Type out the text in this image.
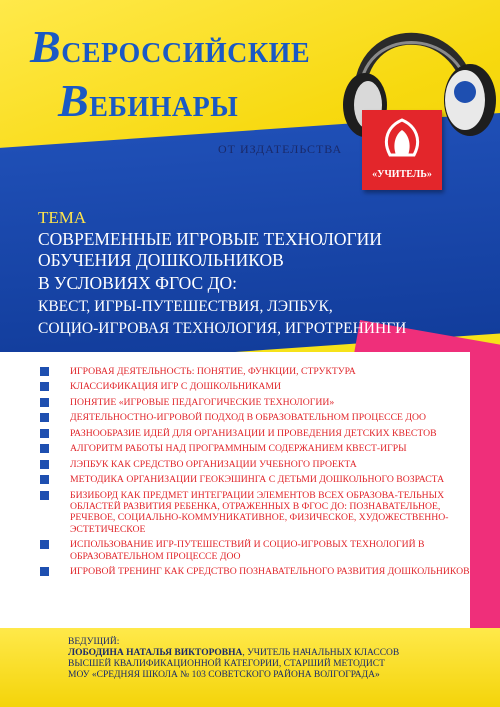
ВСЕРОССИЙСКИЕ
ВЕБИНАРЫ
ОТ ИЗДАТЕЛЬСТВА
«УЧИТЕЛЬ»
ТЕМА
СОВРЕМЕННЫЕ ИГРОВЫЕ ТЕХНОЛОГИИ
ОБУЧЕНИЯ ДОШКОЛЬНИКОВ
В УСЛОВИЯХ ФГОС ДО:
КВЕСТ, ИГРЫ-ПУТЕШЕСТВИЯ, ЛЭПБУК,
СОЦИО-ИГРОВАЯ ТЕХНОЛОГИЯ, ИГРОТРЕНИНГИ
ИГРОВАЯ ДЕЯТЕЛЬНОСТЬ: ПОНЯТИЕ, ФУНКЦИИ, СТРУКТУРА
КЛАССИФИКАЦИЯ ИГР С ДОШКОЛЬНИКАМИ
ПОНЯТИЕ «ИГРОВЫЕ ПЕДАГОГИЧЕСКИЕ ТЕХНОЛОГИИ»
ДЕЯТЕЛЬНОСТНО-ИГРОВОЙ ПОДХОД В ОБРАЗОВАТЕЛЬНОМ ПРОЦЕССЕ ДОО
РАЗНООБРАЗИЕ ИДЕЙ ДЛЯ ОРГАНИЗАЦИИ И ПРОВЕДЕНИЯ ДЕТСКИХ КВЕСТОВ
АЛГОРИТМ РАБОТЫ НАД ПРОГРАММНЫМ СОДЕРЖАНИЕМ КВЕСТ-ИГРЫ
ЛЭПБУК КАК СРЕДСТВО ОРГАНИЗАЦИИ УЧЕБНОГО ПРОЕКТА
МЕТОДИКА ОРГАНИЗАЦИИ ГЕОКЭШИНГА С ДЕТЬМИ ДОШКОЛЬНОГО ВОЗРАСТА
БИЗИБОРД КАК ПРЕДМЕТ ИНТЕГРАЦИИ ЭЛЕМЕНТОВ ВСЕХ ОБРАЗОВА-ТЕЛЬНЫХ ОБЛАСТЕЙ РАЗВИТИЯ РЕБЕНКА, ОТРАЖЕННЫХ В ФГОС ДО: ПОЗНАВАТЕЛЬНОЕ, РЕЧЕВОЕ, СОЦИАЛЬНО-КОММУНИКАТИВНОЕ, ФИЗИЧЕСКОЕ, ХУДОЖЕСТВЕННО-ЭСТЕТИЧЕСКОЕ
ИСПОЛЬЗОВАНИЕ ИГР-ПУТЕШЕСТВИЙ И СОЦИО-ИГРОВЫХ ТЕХНОЛОГИЙ В ОБРАЗОВАТЕЛЬНОМ ПРОЦЕССЕ ДОО
ИГРОВОЙ ТРЕНИНГ КАК СРЕДСТВО ПОЗНАВАТЕЛЬНОГО РАЗВИТИЯ ДОШКОЛЬНИКОВ
ВЕДУЩИЙ:
ЛОБОДИНА НАТАЛЬЯ ВИКТОРОВНА, УЧИТЕЛЬ НАЧАЛЬНЫХ КЛАССОВ
ВЫСШЕЙ КВАЛИФИКАЦИОННОЙ КАТЕГОРИИ, СТАРШИЙ МЕТОДИСТ
МОУ «СРЕДНЯЯ ШКОЛА № 103 СОВЕТСКОГО РАЙОНА ВОЛГОГРАДА»
